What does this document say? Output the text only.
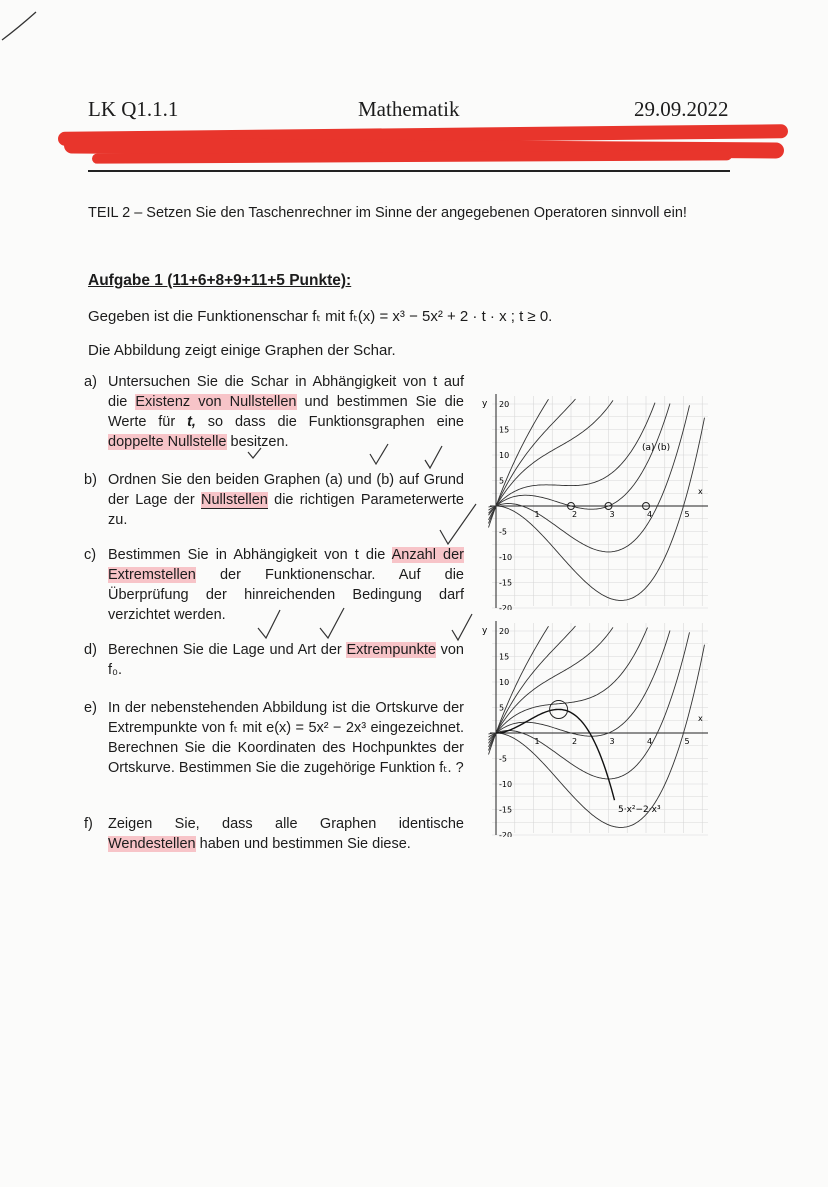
LK Q1.1.1	Mathematik	29.09.2022
TEIL 2 – Setzen Sie den Taschenrechner im Sinne der angegebenen Operatoren sinnvoll ein!
Aufgabe 1 (11+6+8+9+11+5 Punkte):
Gegeben ist die Funktionenschar fₜ mit fₜ(x) = x³ − 5x² + 2 · t · x ; t ≥ 0.
Die Abbildung zeigt einige Graphen der Schar.
a) Untersuchen Sie die Schar in Abhängigkeit von t auf die Existenz von Nullstellen und bestimmen Sie die Werte für t, so dass die Funktionsgraphen eine doppelte Nullstelle besitzen.
b) Ordnen Sie den beiden Graphen (a) und (b) auf Grund der Lage der Nullstellen die richtigen Parameterwerte zu.
c) Bestimmen Sie in Abhängigkeit von t die Anzahl der Extremstellen der Funktionenschar. Auf die Überprüfung der hinreichenden Bedingung darf verzichtet werden.
d) Berechnen Sie die Lage und Art der Extrempunkte von f₀.
e) In der nebenstehenden Abbildung ist die Ortskurve der Extrempunkte von fₜ mit e(x) = 5x² − 2x³ eingezeichnet. Berechnen Sie die Koordinaten des Hochpunktes der Ortskurve. Bestimmen Sie die zugehörige Funktion fₜ. ?
f) Zeigen Sie, dass alle Graphen identische Wendestellen haben und bestimmen Sie diese.
y
x
(a) (b)
20
15
10
5
-5
-10
-15
-20
1	2	3	4	5
y
x
5·x²−2·x³
20
15
10
5
-5
-10
-15
-20
1	2	3	4	5
